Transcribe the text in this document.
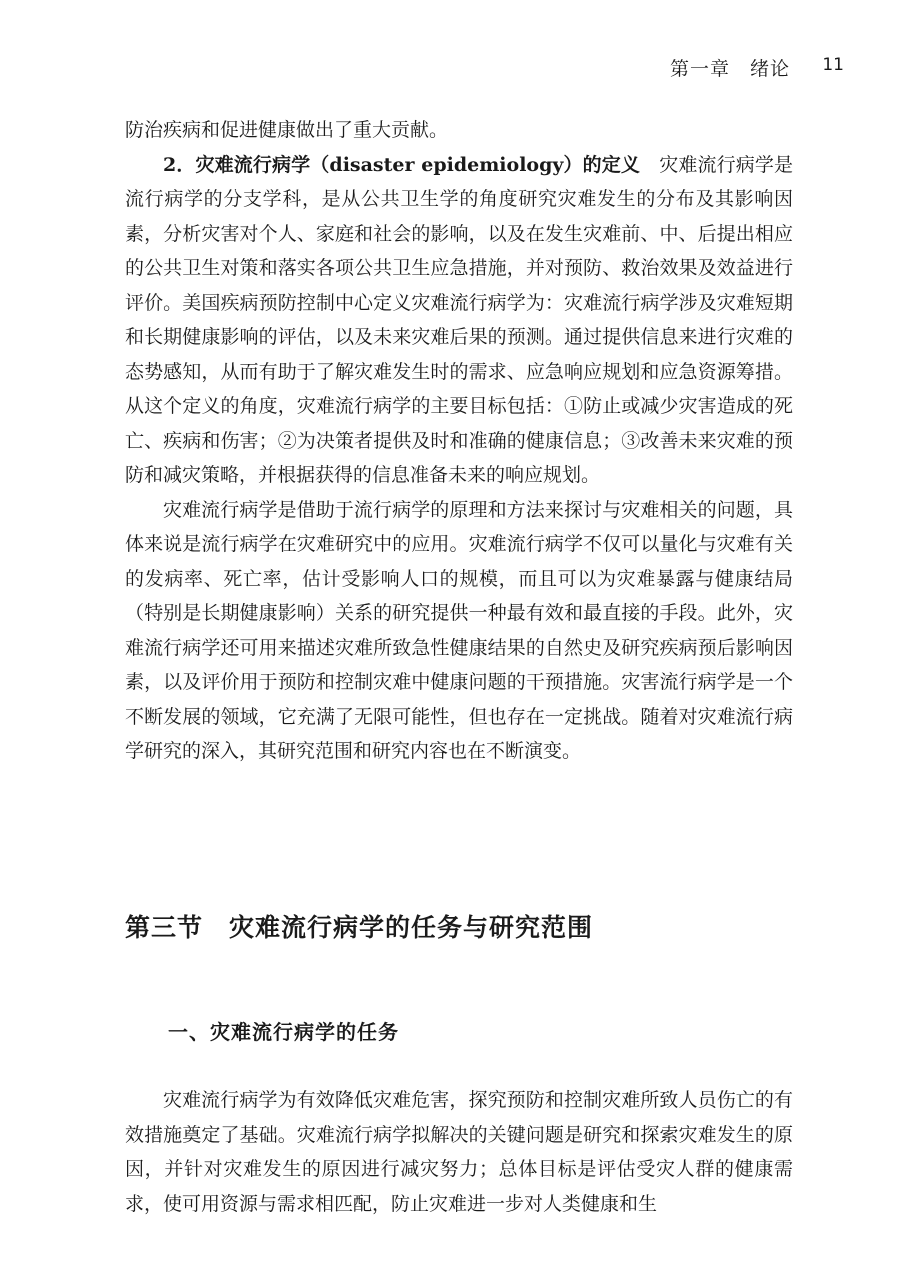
第一章　绪论 11

防治疾病和促进健康做出了重大贡献。

2．灾难流行病学（disaster epidemiology）的定义　灾难流行病学是流行病学的分支学科，是从公共卫生学的角度研究灾难发生的分布及其影响因素，分析灾害对个人、家庭和社会的影响，以及在发生灾难前、中、后提出相应的公共卫生对策和落实各项公共卫生应急措施，并对预防、救治效果及效益进行评价。美国疾病预防控制中心定义灾难流行病学为：灾难流行病学涉及灾难短期和长期健康影响的评估，以及未来灾难后果的预测。通过提供信息来进行灾难的态势感知，从而有助于了解灾难发生时的需求、应急响应规划和应急资源筹措。从这个定义的角度，灾难流行病学的主要目标包括：①防止或减少灾害造成的死亡、疾病和伤害；②为决策者提供及时和准确的健康信息；③改善未来灾难的预防和减灾策略，并根据获得的信息准备未来的响应规划。

灾难流行病学是借助于流行病学的原理和方法来探讨与灾难相关的问题，具体来说是流行病学在灾难研究中的应用。灾难流行病学不仅可以量化与灾难有关的发病率、死亡率，估计受影响人口的规模，而且可以为灾难暴露与健康结局（特别是长期健康影响）关系的研究提供一种最有效和最直接的手段。此外，灾难流行病学还可用来描述灾难所致急性健康结果的自然史及研究疾病预后影响因素，以及评价用于预防和控制灾难中健康问题的干预措施。灾害流行病学是一个不断发展的领域，它充满了无限可能性，但也存在一定挑战。随着对灾难流行病学研究的深入，其研究范围和研究内容也在不断演变。

第三节　灾难流行病学的任务与研究范围
一、灾难流行病学的任务

灾难流行病学为有效降低灾难危害，探究预防和控制灾难所致人员伤亡的有效措施奠定了基础。灾难流行病学拟解决的关键问题是研究和探索灾难发生的原因，并针对灾难发生的原因进行减灾努力；总体目标是评估受灾人群的健康需求，使可用资源与需求相匹配，防止灾难进一步对人类健康和生
